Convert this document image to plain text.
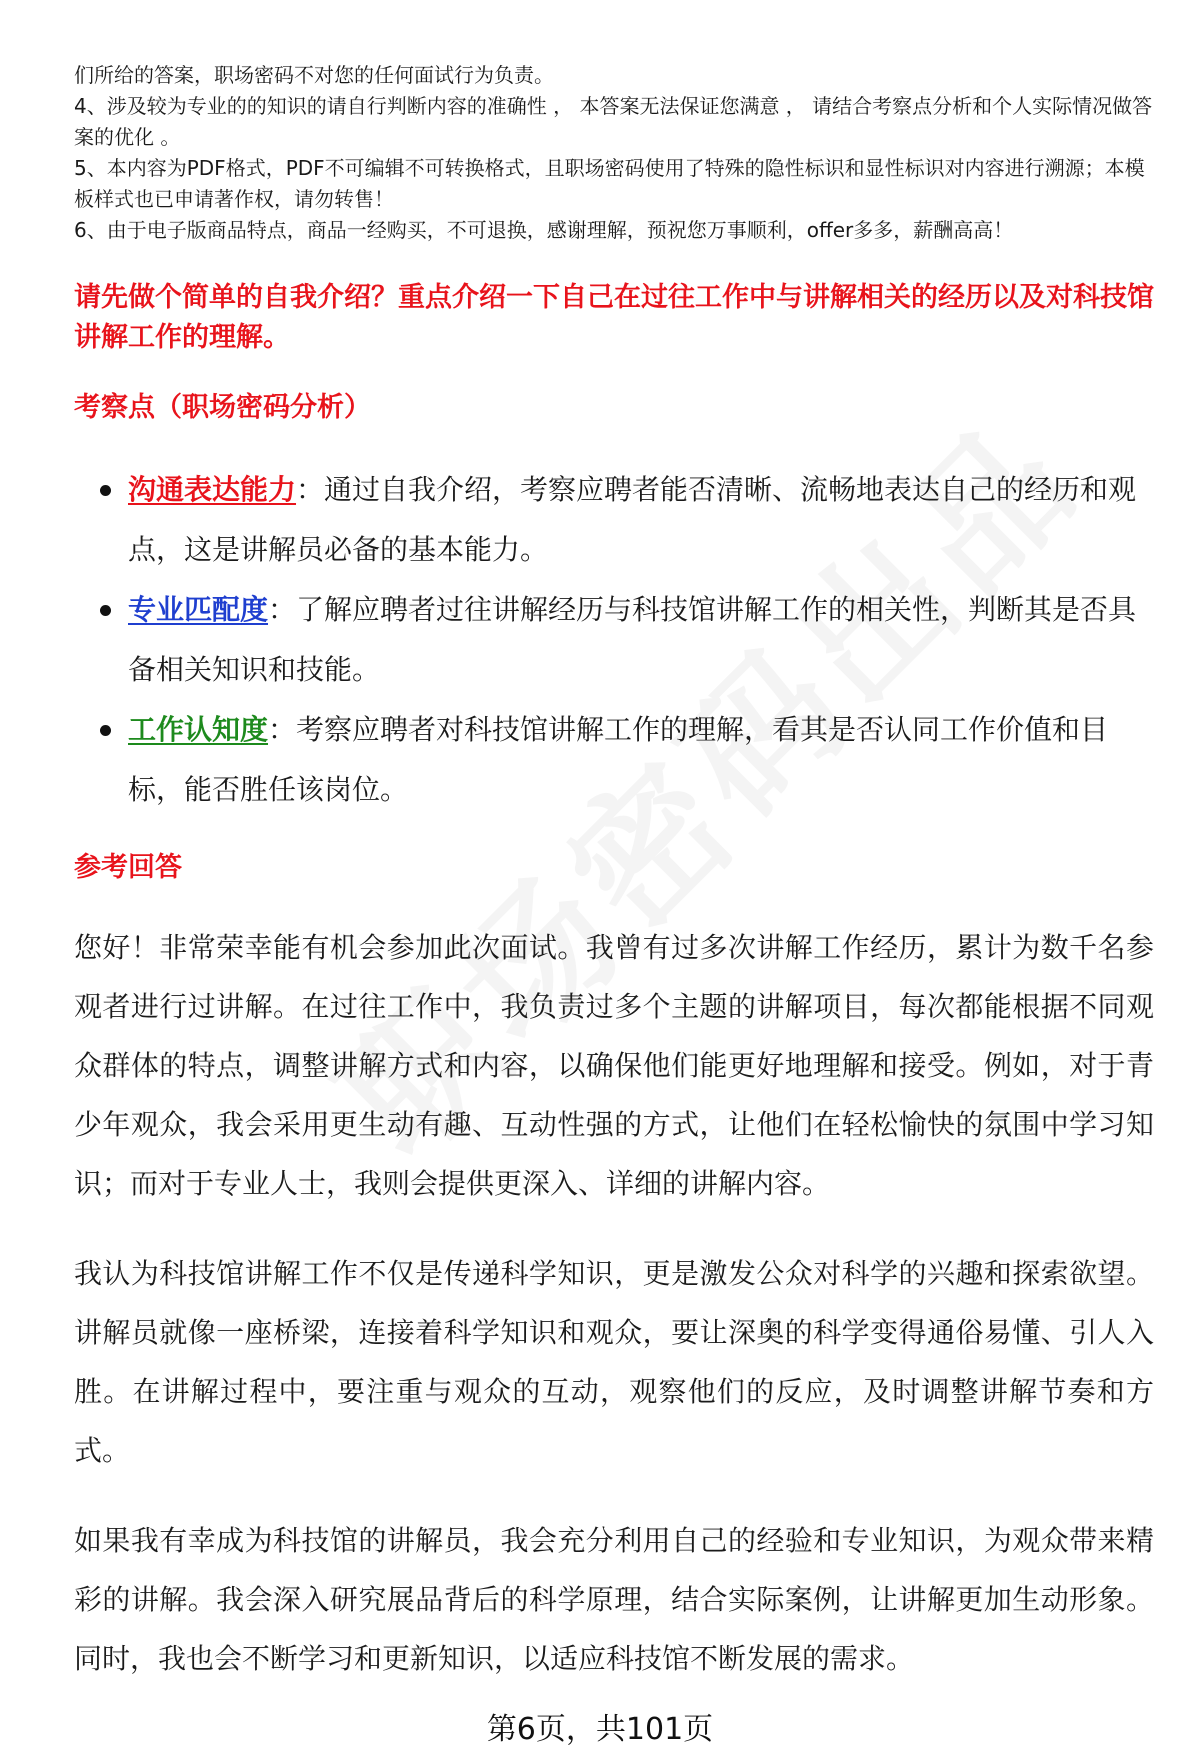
们所给的答案，职场密码不对您的任何面试行为负责。

4、涉及较为专业的的知识的请自行判断内容的准确性 ， 本答案无法保证您满意 ， 请结合考察点分析和个人实际情况做答案的优化 。

5、本内容为PDF格式，PDF不可编辑不可转换格式，且职场密码使用了特殊的隐性标识和显性标识对内容进行溯源；本模板样式也已申请著作权，请勿转售！

6、由于电子版商品特点，商品一经购买，不可退换，感谢理解，预祝您万事顺利，offer多多，薪酬高高！

请先做个简单的自我介绍？重点介绍一下自己在过往工作中与讲解相关的经历以及对科技馆讲解工作的理解。
考察点（职场密码分析）
沟通表达能力：通过自我介绍，考察应聘者能否清晰、流畅地表达自己的经历和观点，这是讲解员必备的基本能力。
专业匹配度：了解应聘者过往讲解经历与科技馆讲解工作的相关性，判断其是否具备相关知识和技能。
工作认知度：考察应聘者对科技馆讲解工作的理解，看其是否认同工作价值和目标，能否胜任该岗位。
参考回答

您好！非常荣幸能有机会参加此次面试。我曾有过多次讲解工作经历，累计为数千名参观者进行过讲解。在过往工作中，我负责过多个主题的讲解项目，每次都能根据不同观众群体的特点，调整讲解方式和内容，以确保他们能更好地理解和接受。例如，对于青少年观众，我会采用更生动有趣、互动性强的方式，让他们在轻松愉快的氛围中学习知识；而对于专业人士，我则会提供更深入、详细的讲解内容。

我认为科技馆讲解工作不仅是传递科学知识，更是激发公众对科学的兴趣和探索欲望。讲解员就像一座桥梁，连接着科学知识和观众，要让深奥的科学变得通俗易懂、引人入胜。在讲解过程中，要注重与观众的互动，观察他们的反应，及时调整讲解节奏和方式。

如果我有幸成为科技馆的讲解员，我会充分利用自己的经验和专业知识，为观众带来精彩的讲解。我会深入研究展品背后的科学原理，结合实际案例，让讲解更加生动形象。同时，我也会不断学习和更新知识，以适应科技馆不断发展的需求。

第6页，共101页
